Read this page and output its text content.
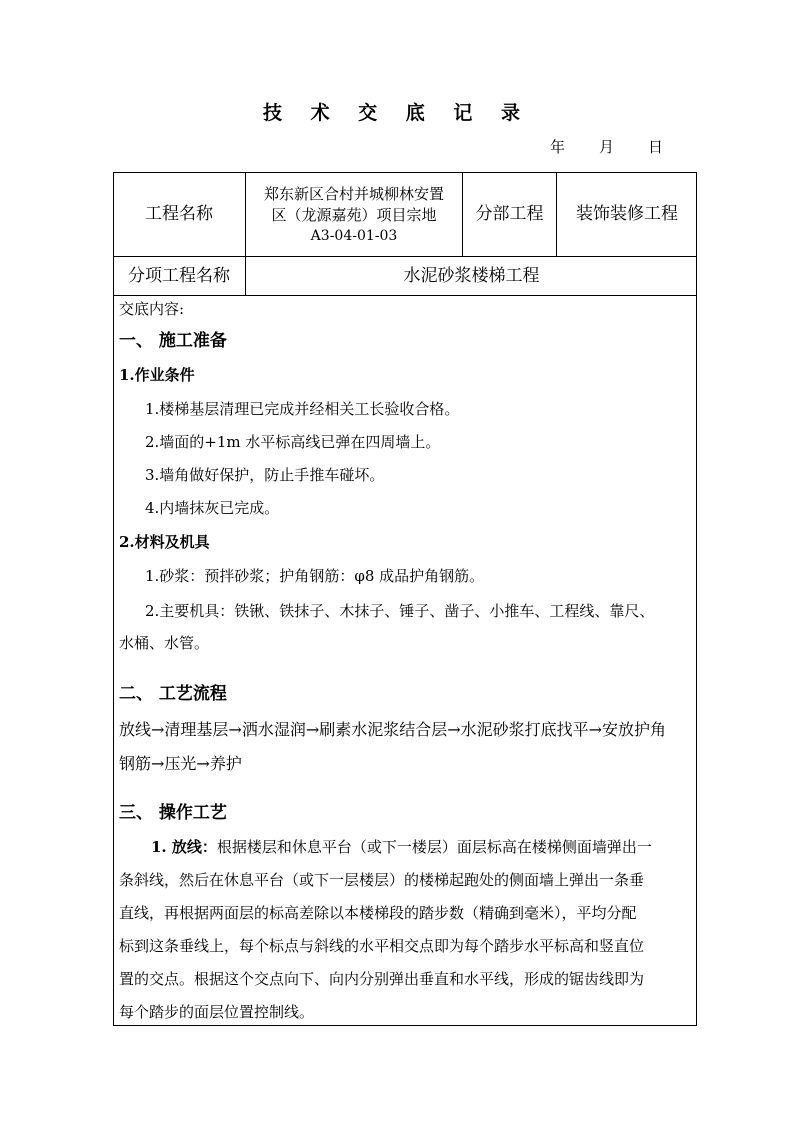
技 术 交 底 记 录
年 月 日
工程名称
郑东新区合村并城柳林安置
区（龙源嘉苑）项目宗地
A3-04-01-03
分部工程	装饰装修工程
分项工程名称	水泥砂浆楼梯工程
交底内容:
一、 施工准备
1.作业条件
1.楼梯基层清理已完成并经相关工长验收合格。
2.墙面的+1m 水平标高线已弹在四周墙上。
3.墙角做好保护，防止手推车碰坏。
4.内墙抹灰已完成。
2.材料及机具
1.砂浆：预拌砂浆；护角钢筋：φ8 成品护角钢筋。
2.主要机具：铁锹、铁抹子、木抹子、锤子、凿子、小推车、工程线、靠尺、
水桶、水管。
二、 工艺流程
放线→清理基层→洒水湿润→刷素水泥浆结合层→水泥砂浆打底找平→安放护角
钢筋→压光→养护
三、 操作工艺
1. 放线：根据楼层和休息平台（或下一楼层）面层标高在楼梯侧面墙弹出一
条斜线，然后在休息平台（或下一层楼层）的楼梯起跑处的侧面墙上弹出一条垂
直线，再根据两面层的标高差除以本楼梯段的踏步数（精确到毫米），平均分配
标到这条垂线上，每个标点与斜线的水平相交点即为每个踏步水平标高和竖直位
置的交点。根据这个交点向下、向内分别弹出垂直和水平线，形成的锯齿线即为
每个踏步的面层位置控制线。
